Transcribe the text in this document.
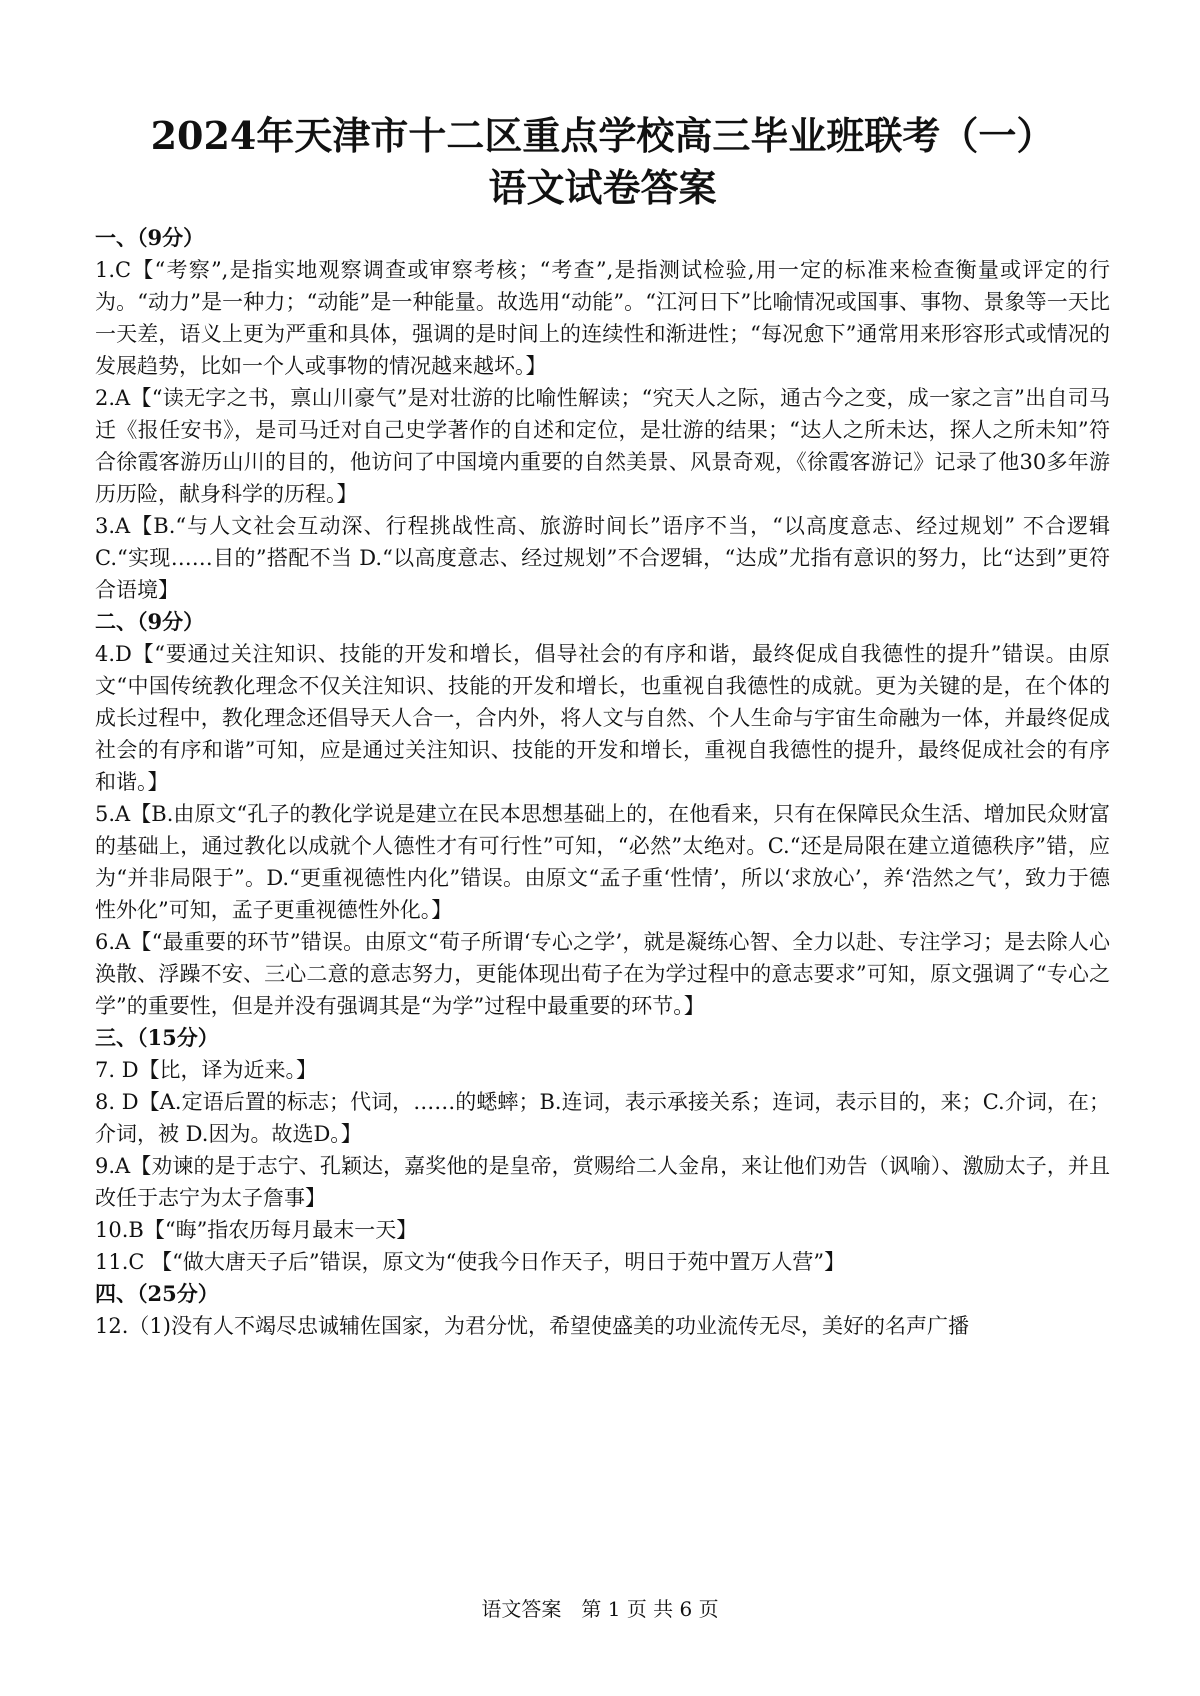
2024年天津市十二区重点学校高三毕业班联考（一）
语文试卷答案

一、（9分）

1.C【“考察”,是指实地观察调查或审察考核；“考查”,是指测试检验,用一定的标准来检查衡量或评定的行为。“动力”是一种力；“动能”是一种能量。故选用“动能”。“江河日下”比喻情况或国事、事物、景象等一天比一天差，语义上更为严重和具体，强调的是时间上的连续性和渐进性；“每况愈下”通常用来形容形式或情况的发展趋势，比如一个人或事物的情况越来越坏。】

2.A【“读无字之书，禀山川豪气”是对壮游的比喻性解读；“究天人之际，通古今之变，成一家之言”出自司马迁《报任安书》，是司马迁对自己史学著作的自述和定位，是壮游的结果；“达人之所未达，探人之所未知”符合徐霞客游历山川的目的，他访问了中国境内重要的自然美景、风景奇观，《徐霞客游记》记录了他30多年游历历险，献身科学的历程。】

3.A【B.“与人文社会互动深、行程挑战性高、旅游时间长”语序不当，“以高度意志、经过规划” 不合逻辑 C.“实现……目的”搭配不当 D.“以高度意志、经过规划”不合逻辑，“达成”尤指有意识的努力，比“达到”更符合语境】

二、（9分）

4.D【“要通过关注知识、技能的开发和增长，倡导社会的有序和谐，最终促成自我德性的提升”错误。由原文“中国传统教化理念不仅关注知识、技能的开发和增长，也重视自我德性的成就。更为关键的是，在个体的成长过程中，教化理念还倡导天人合一，合内外，将人文与自然、个人生命与宇宙生命融为一体，并最终促成社会的有序和谐”可知，应是通过关注知识、技能的开发和增长，重视自我德性的提升，最终促成社会的有序和谐。】

5.A【B.由原文“孔子的教化学说是建立在民本思想基础上的，在他看来，只有在保障民众生活、增加民众财富的基础上，通过教化以成就个人德性才有可行性”可知，“必然”太绝对。C.“还是局限在建立道德秩序”错，应为“并非局限于”。D.“更重视德性内化”错误。由原文“孟子重‘性情’，所以‘求放心’，养‘浩然之气’，致力于德性外化”可知，孟子更重视德性外化。】

6.A【“最重要的环节”错误。由原文“荀子所谓‘专心之学’，就是凝练心智、全力以赴、专注学习；是去除人心涣散、浮躁不安、三心二意的意志努力，更能体现出荀子在为学过程中的意志要求”可知，原文强调了“专心之学”的重要性，但是并没有强调其是“为学”过程中最重要的环节。】

三、（15分）

7. D【比，译为近来。】

8. D【A.定语后置的标志；代词，……的蟋蟀；B.连词，表示承接关系；连词，表示目的，来；C.介词，在；介词，被 D.因为。故选D。】

9.A【劝谏的是于志宁、孔颖达，嘉奖他的是皇帝，赏赐给二人金帛，来让他们劝告（讽喻）、激励太子，并且改任于志宁为太子詹事】

10.B【“晦”指农历每月最末一天】

11.C 【“做大唐天子后”错误，原文为“使我今日作天子，明日于苑中置万人营”】

四、（25分）

12.（1)没有人不竭尽忠诚辅佐国家，为君分忧，希望使盛美的功业流传无尽，美好的名声广播

语文答案　第 1 页 共 6 页
